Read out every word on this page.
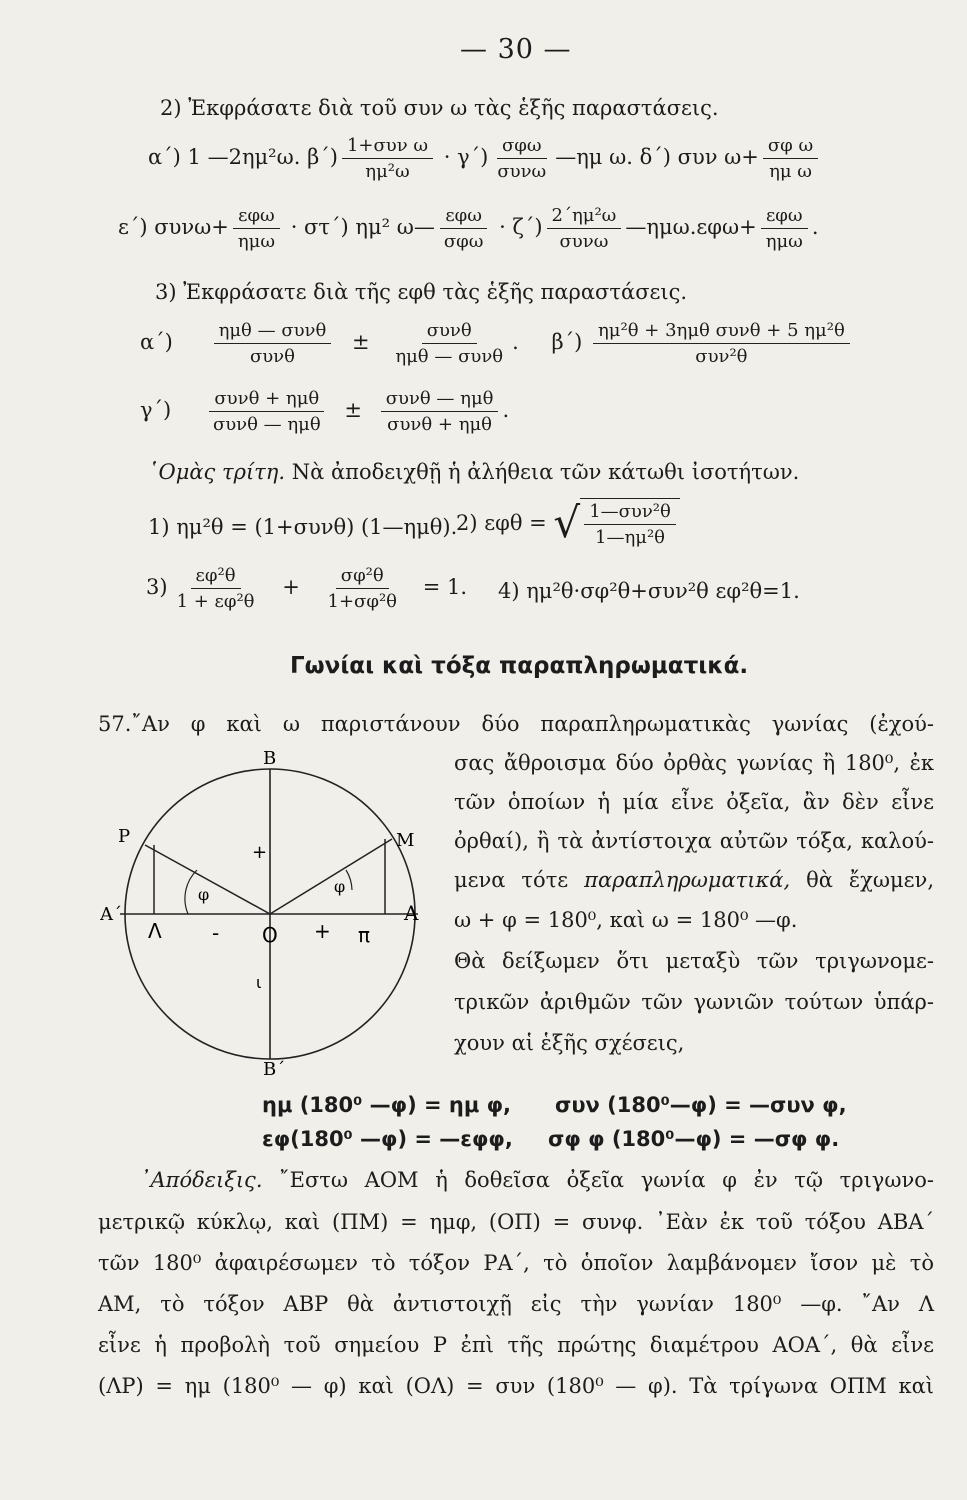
— 30 —
2) Ἐκφράσατε διὰ τοῦ συν ω τὰς ἑξῆς παραστάσεις.
α΄) 1 —2ημ²ω. $\beta΄) \frac{\text{1+συν ω}}{\text{ημ²ω}} \cdot \gamma΄) \frac{\text{σφω}}{\text{συνω}}$ —ημ ω. δ΄) συν $\omega+ \frac{\text{σφ ω}}{\text{ημ ω}}$
ε΄) $\sigma\upsilon\nu\omega+ \frac{\text{εφω}}{\text{ημω}} \cdot \sigma\tau΄$) ημ² ω— $\frac{\text{εφω}}{\text{σφω}} \cdot \zeta΄) \frac{\text{2΄ημ²ω}}{\text{συνω}}$ —ημω.εφω+ $\frac{\text{εφω}}{\text{ημω}}$ .
3) Ἐκφράσατε διὰ τῆς εφθ τὰς ἑξῆς παραστάσεις.
$\alpha΄) \frac{\text{ημθ — συνθ}}{\text{συνθ}} \pm \frac{\text{συνθ}}{\text{ημθ — συνθ}}$ . $\beta΄) \frac{\text{ημ²θ + 3ημθ συνθ + 5 ημ²θ}}{\text{συν²θ}}$
$\gamma΄) \frac{\text{συνθ + ημθ}}{\text{συνθ — ημθ}} \pm \frac{\text{συνθ — ημθ}}{\text{συνθ + ημθ}}$ .
῾Ομὰς τρίτη. Νὰ ἀποδειχθῇ ἡ ἀλήθεια τῶν κάτωθι ἰσοτήτων.
1) ημ²θ = (1+συνθ) (1—ημθ).
2) εφθ = √ $\frac{\text{1—συν²θ}}{\text{1—ημ²θ}}$
$3) \frac{\text{εφ²θ}}{\text{1 + εφ²θ}} + \frac{\text{σφ²θ}}{\text{1+σφ²θ}} = 1$. 4) ημ²θ·σφ²θ+συν²θ εφ²θ=1.
Γωνίαι καὶ τόξα παραπληρωματικά.
57.῎Αν φ καὶ ω παριστάνουν δύο παραπληρωματικὰς γωνίας (ἐχού-
σας ἄθροισμα δύο ὀρθὰς γωνίας ἢ 180⁰, ἐκ
τῶν ὁποίων ἡ μία εἶνε ὀξεῖα, ἂν δὲν εἶνε
ὀρθαί), ἢ τὰ ἀντίστοιχα αὐτῶν τόξα, καλού-
μενα τότε παραπληρωματικά, θὰ ἔχωμεν,
ω + φ = 180⁰, καὶ ω = 180⁰ —φ.
Θὰ δείξωμεν ὅτι μεταξὺ τῶν τριγωνομε-
τρικῶν ἀριθμῶν τῶν γωνιῶν τούτων ὑπάρ-
χουν αἱ ἑξῆς σχέσεις,
Β
Μ
Ρ
Α΄	Α
Λ	Ο	π
Β΄
φ	φ
+
-	+
ι
ημ (180⁰ —φ) = ημ φ, συν (180⁰—φ) = —συν φ,
εφ(180⁰ —φ) = —εφφ, σφ φ (180⁰—φ) = —σφ φ.
᾿Απόδειξις. ῎Εστω ΑΟΜ ἡ δοθεῖσα ὀξεῖα γωνία φ ἐν τῷ τριγωνο-
μετρικῷ κύκλῳ, καὶ (ΠΜ) = ημφ, (ΟΠ) = συνφ. ᾿Εὰν ἐκ τοῦ τόξου ΑΒΑ΄
τῶν 180⁰ ἀφαιρέσωμεν τὸ τόξον ΡΑ΄, τὸ ὁποῖον λαμβάνομεν ἴσον μὲ τὸ
ΑΜ, τὸ τόξον ΑΒΡ θὰ ἀντιστοιχῇ εἰς τὴν γωνίαν 180⁰ —φ. ῎Αν Λ
εἶνε ἡ προβολὴ τοῦ σημείου Ρ ἐπὶ τῆς πρώτης διαμέτρου ΑΟΑ΄, θὰ εἶνε
(ΛΡ) = ημ (180⁰ — φ) καὶ (ΟΛ) = συν (180⁰ — φ). Τὰ τρίγωνα ΟΠΜ καὶ
